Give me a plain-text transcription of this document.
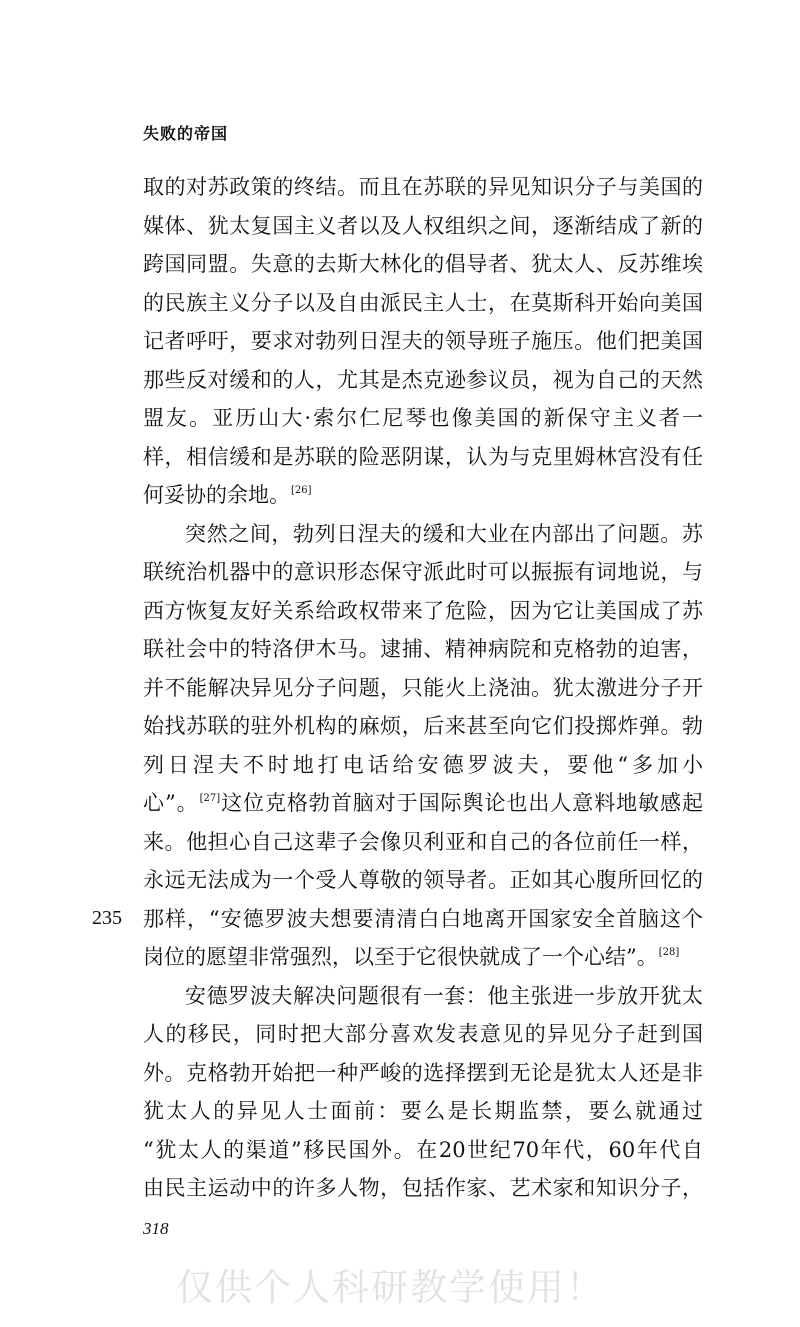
失败的帝国
取的对苏政策的终结。而且在苏联的异见知识分子与美国的
媒体、犹太复国主义者以及人权组织之间，逐渐结成了新的
跨国同盟。失意的去斯大林化的倡导者、犹太人、反苏维埃
的民族主义分子以及自由派民主人士，在莫斯科开始向美国
记者呼吁，要求对勃列日涅夫的领导班子施压。他们把美国
那些反对缓和的人，尤其是杰克逊参议员，视为自己的天然
盟友。亚历山大·索尔仁尼琴也像美国的新保守主义者一
样，相信缓和是苏联的险恶阴谋，认为与克里姆林宫没有任
何妥协的余地。[26]
突然之间，勃列日涅夫的缓和大业在内部出了问题。苏
联统治机器中的意识形态保守派此时可以振振有词地说，与
西方恢复友好关系给政权带来了危险，因为它让美国成了苏
联社会中的特洛伊木马。逮捕、精神病院和克格勃的迫害，
并不能解决异见分子问题，只能火上浇油。犹太激进分子开
始找苏联的驻外机构的麻烦，后来甚至向它们投掷炸弹。勃
列日涅夫不时地打电话给安德罗波夫，要他“多加小
心”。[27]这位克格勃首脑对于国际舆论也出人意料地敏感起
来。他担心自己这辈子会像贝利亚和自己的各位前任一样，
永远无法成为一个受人尊敬的领导者。正如其心腹所回忆的
那样，“安德罗波夫想要清清白白地离开国家安全首脑这个
岗位的愿望非常强烈，以至于它很快就成了一个心结”。[28]
安德罗波夫解决问题很有一套：他主张进一步放开犹太
人的移民，同时把大部分喜欢发表意见的异见分子赶到国
外。克格勃开始把一种严峻的选择摆到无论是犹太人还是非
犹太人的异见人士面前：要么是长期监禁，要么就通过
“犹太人的渠道”移民国外。在20世纪70年代，60年代自
由民主运动中的许多人物，包括作家、艺术家和知识分子，
235
318
仅供个人科研教学使用！
